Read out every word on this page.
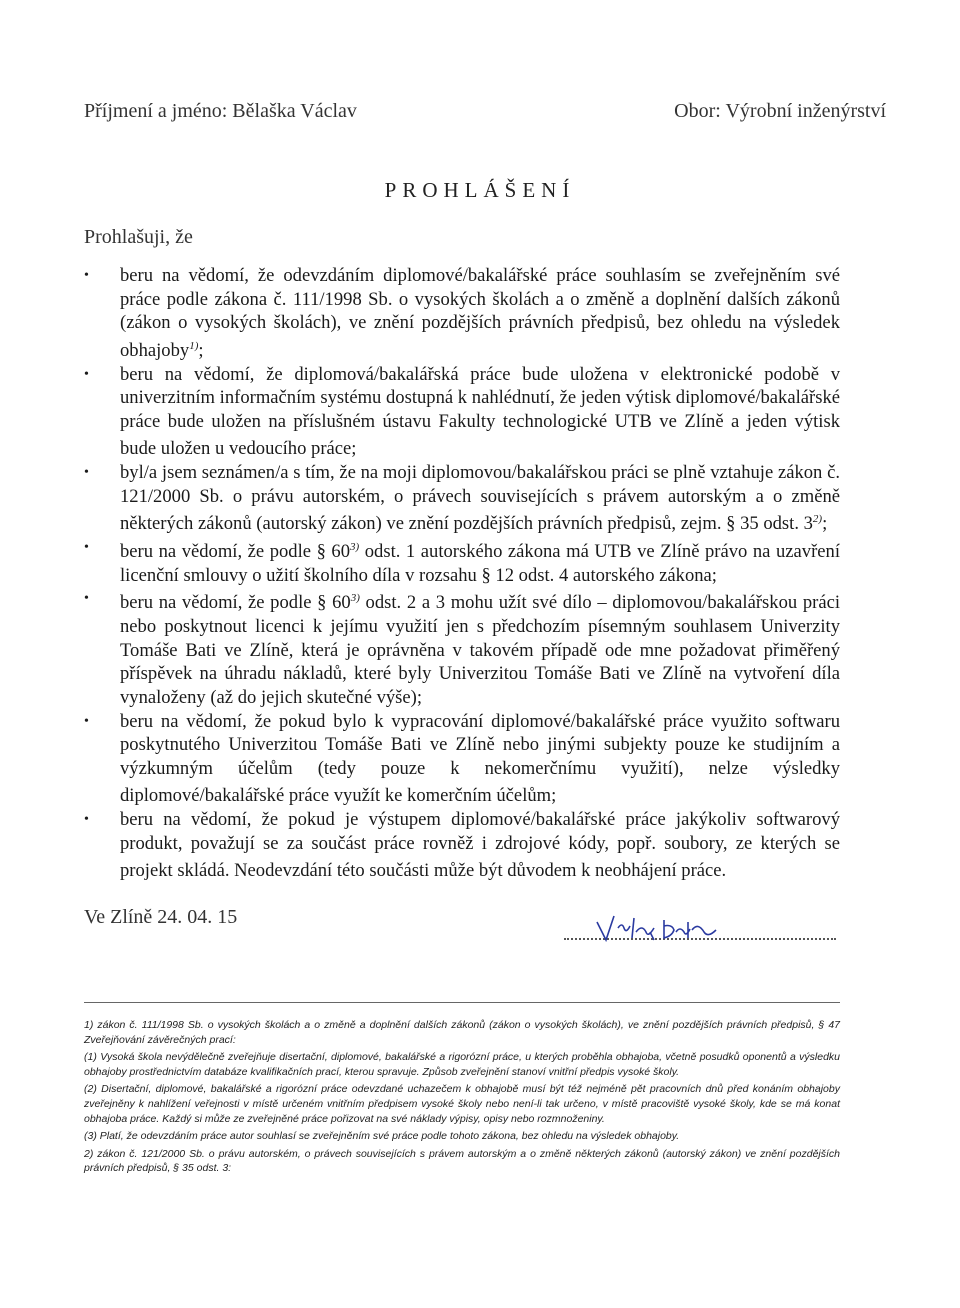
Příjmení a jméno: Bělaška Václav	Obor: Výrobní inženýrství
PROHLÁŠENÍ
Prohlašuji, že
• beru na vědomí, že odevzdáním diplomové/bakalářské práce souhlasím se zveřejněním své práce podle zákona č. 111/1998 Sb. o vysokých školách a o změně a doplnění dalších zákonů (zákon o vysokých školách), ve znění pozdějších právních předpisů, bez ohledu na výsledek obhajoby$^{1)}$;
• beru na vědomí, že diplomová/bakalářská práce bude uložena v elektronické podobě v univerzitním informačním systému dostupná k nahlédnutí, že jeden výtisk diplomové/bakalářské práce bude uložen na příslušném ústavu Fakulty technologické UTB ve Zlíně a jeden výtisk bude uložen u vedoucího práce;
• byl/a jsem seznámen/a s tím, že na moji diplomovou/bakalářskou práci se plně vztahuje zákon č. 121/2000 Sb. o právu autorském, o právech souvisejících s právem autorským a o změně některých zákonů (autorský zákon) ve znění pozdějších právních předpisů, zejm. § 35 odst. 3$^{2)}$;
• beru na vědomí, že podle § 60$^{3)}$ odst. 1 autorského zákona má UTB ve Zlíně právo na uzavření licenční smlouvy o užití školního díla v rozsahu § 12 odst. 4 autorského zákona;
• beru na vědomí, že podle § 60$^{3)}$ odst. 2 a 3 mohu užít své dílo – diplomovou/bakalářskou práci nebo poskytnout licenci k jejímu využití jen s předchozím písemným souhlasem Univerzity Tomáše Bati ve Zlíně, která je oprávněna v takovém případě ode mne požadovat přiměřený příspěvek na úhradu nákladů, které byly Univerzitou Tomáše Bati ve Zlíně na vytvoření díla vynaloženy (až do jejich skutečné výše);
• beru na vědomí, že pokud bylo k vypracování diplomové/bakalářské práce využito softwaru poskytnutého Univerzitou Tomáše Bati ve Zlíně nebo jinými subjekty pouze ke studijním a výzkumným účelům (tedy pouze k nekomerčnímu využití), nelze výsledky diplomové/bakalářské práce využít ke komerčním účelům;
• beru na vědomí, že pokud je výstupem diplomové/bakalářské práce jakýkoliv softwarový produkt, považují se za součást práce rovněž i zdrojové kódy, popř. soubory, ze kterých se projekt skládá. Neodevzdání této součásti může být důvodem k neobhájení práce.
Ve Zlíně 24. 04. 15

1) zákon č. 111/1998 Sb. o vysokých školách a o změně a doplnění dalších zákonů (zákon o vysokých školách), ve znění pozdějších právních předpisů, § 47 Zveřejňování závěrečných prací:

(1) Vysoká škola nevýdělečně zveřejňuje disertační, diplomové, bakalářské a rigorózní práce, u kterých proběhla obhajoba, včetně posudků oponentů a výsledku obhajoby prostřednictvím databáze kvalifikačních prací, kterou spravuje. Způsob zveřejnění stanoví vnitřní předpis vysoké školy.

(2) Disertační, diplomové, bakalářské a rigorózní práce odevzdané uchazečem k obhajobě musí být též nejméně pět pracovních dnů před konáním obhajoby zveřejněny k nahlížení veřejnosti v místě určeném vnitřním předpisem vysoké školy nebo není-li tak určeno, v místě pracoviště vysoké školy, kde se má konat obhajoba práce. Každý si může ze zveřejněné práce pořizovat na své náklady výpisy, opisy nebo rozmnoženiny.

(3) Platí, že odevzdáním práce autor souhlasí se zveřejněním své práce podle tohoto zákona, bez ohledu na výsledek obhajoby.

2) zákon č. 121/2000 Sb. o právu autorském, o právech souvisejících s právem autorským a o změně některých zákonů (autorský zákon) ve znění pozdějších právních předpisů, § 35 odst. 3:
